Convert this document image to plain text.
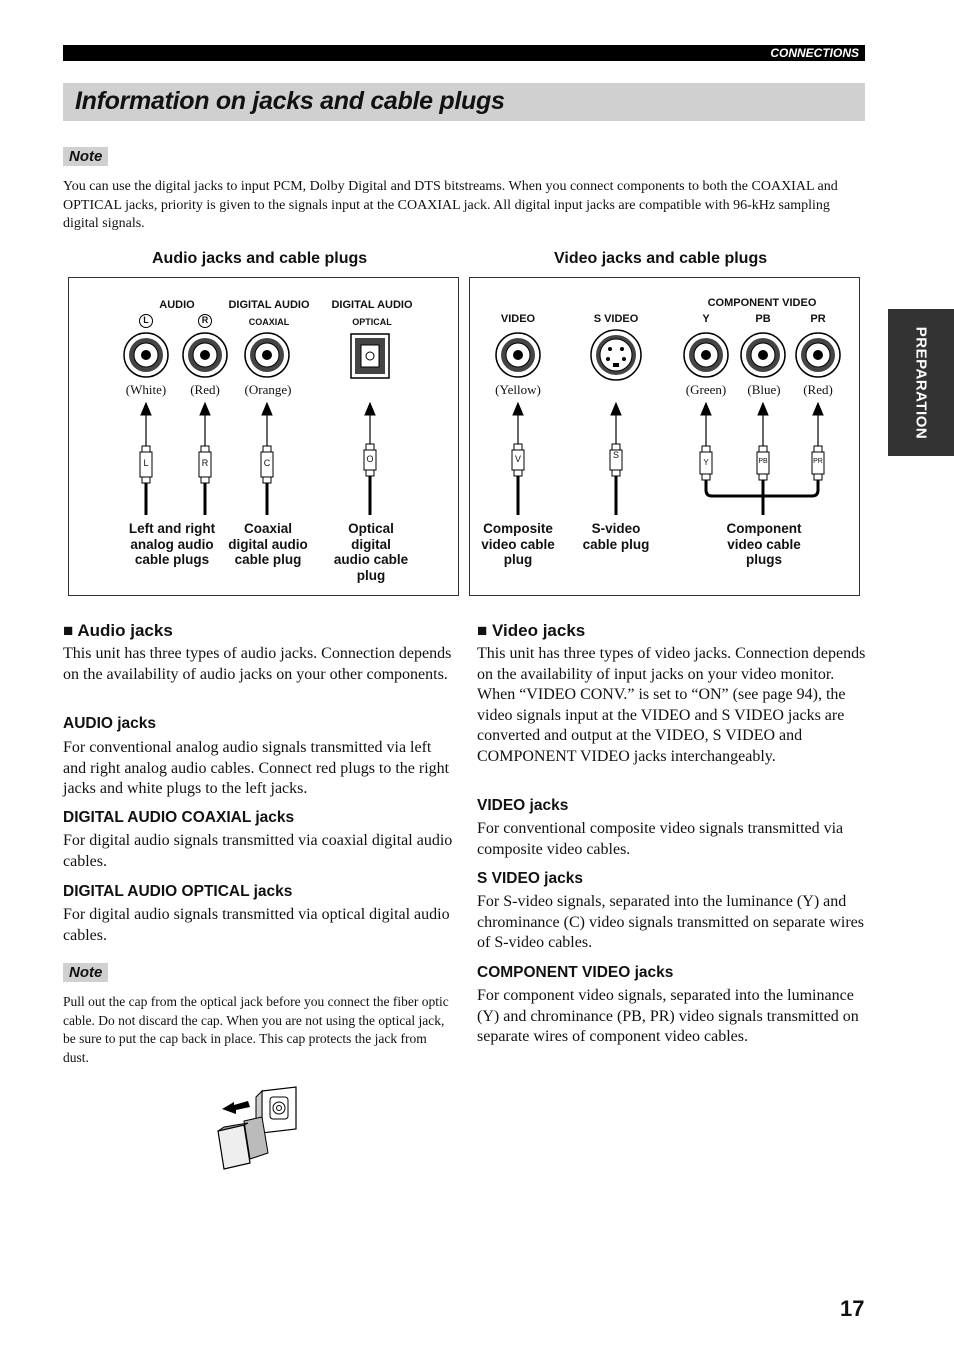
CONNECTIONS
Information on jacks and cable plugs
Note

You can use the digital jacks to input PCM, Dolby Digital and DTS bitstreams. When you connect components to both the COAXIAL and OPTICAL jacks, priority is given to the signals input at the COAXIAL jack. All digital input jacks are compatible with 96-kHz sampling digital signals.

Audio jacks and cable plugs	Video jacks and cable plugs
AUDIO	DIGITAL AUDIO
COAXIAL
DIGITAL AUDIO
OPTICAL
L	R
(White) (Red) (Orange)
L	R	C	O
Left and right
analog audio
cable plugs
Coaxial
digital audio
cable plug
Optical
digital
audio cable
plug
COMPONENT VIDEO
VIDEO	S VIDEO	Y	PB	PR
(Yellow)	(Green) (Blue) (Red)
V	S
Y	PB	PR
Composite
video cable
plug
S-video
cable plug
Component
video cable
plugs
■ Audio jacks

This unit has three types of audio jacks. Connection depends on the availability of audio jacks on your other components.

AUDIO jacks

For conventional analog audio signals transmitted via left and right analog audio cables. Connect red plugs to the right jacks and white plugs to the left jacks.

DIGITAL AUDIO COAXIAL jacks

For digital audio signals transmitted via coaxial digital audio cables.

DIGITAL AUDIO OPTICAL jacks

For digital audio signals transmitted via optical digital audio cables.

Note

Pull out the cap from the optical jack before you connect the fiber optic cable. Do not discard the cap. When you are not using the optical jack, be sure to put the cap back in place. This cap protects the jack from dust.

■ Video jacks

This unit has three types of video jacks. Connection depends on the availability of input jacks on your video monitor. When “VIDEO CONV.” is set to “ON” (see page 94), the video signals input at the VIDEO and S VIDEO jacks are converted and output at the VIDEO, S VIDEO and COMPONENT VIDEO jacks interchangeably.

VIDEO jacks

For conventional composite video signals transmitted via composite video cables.

S VIDEO jacks

For S-video signals, separated into the luminance (Y) and chrominance (C) video signals transmitted on separate wires of S-video cables.

COMPONENT VIDEO jacks

For component video signals, separated into the luminance (Y) and chrominance (PB, PR) video signals transmitted on separate wires of component video cables.

PREPARATION
17
